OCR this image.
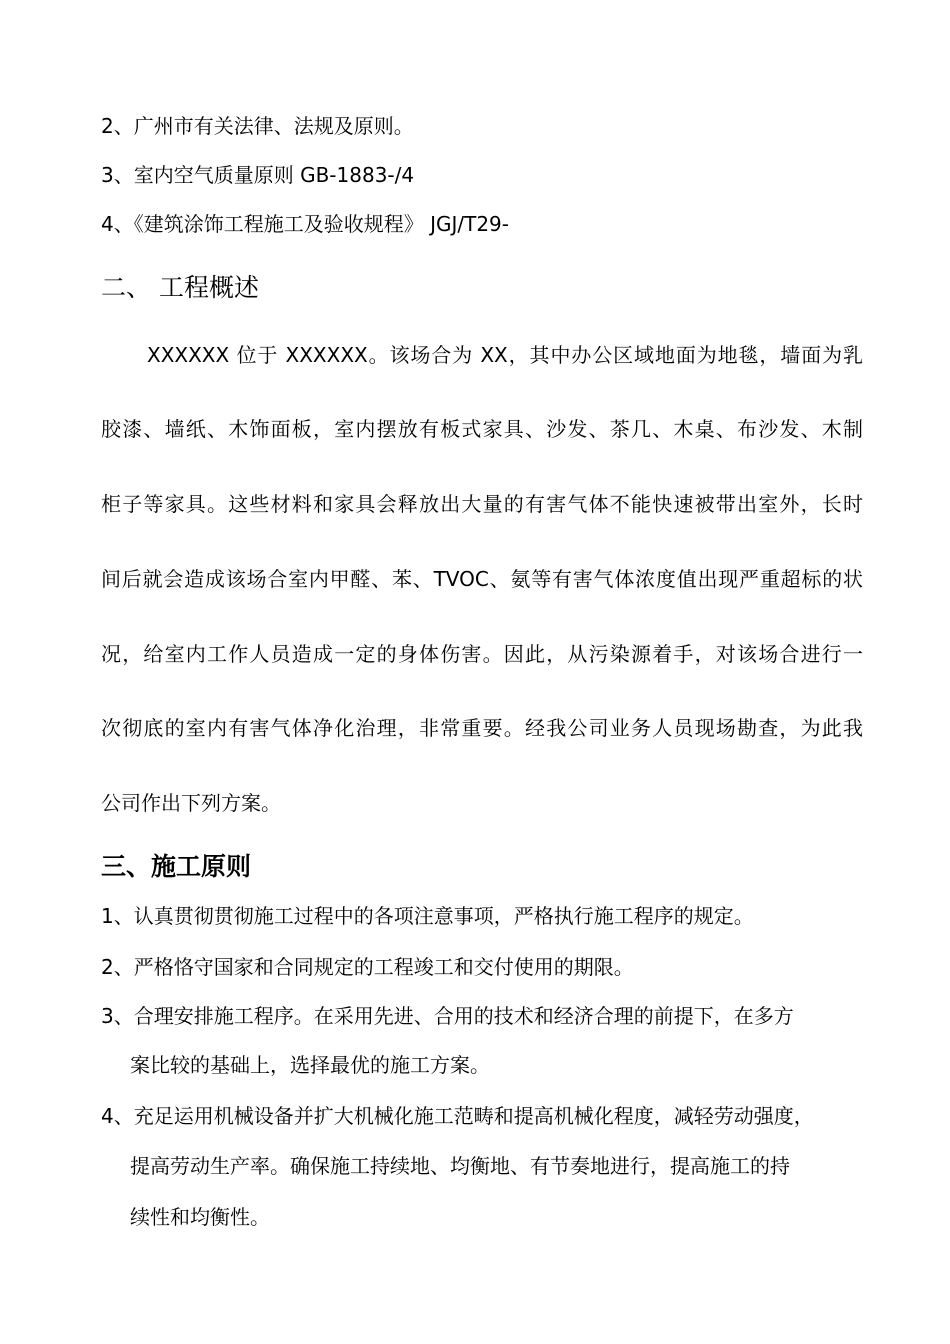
2、广州市有关法律、法规及原则。
3、室内空气质量原则 GB-1883-/4
4、《建筑涂饰工程施工及验收规程》 JGJ/T29-
二、 工程概述
XXXXXX 位于 XXXXXX。该场合为 XX，其中办公区域地面为地毯，墙面为乳
胶漆、墙纸、木饰面板，室内摆放有板式家具、沙发、茶几、木桌、布沙发、木制
柜子等家具。这些材料和家具会释放出大量的有害气体不能快速被带出室外，长时
间后就会造成该场合室内甲醛、苯、TVOC、氨等有害气体浓度值出现严重超标的状
况，给室内工作人员造成一定的身体伤害。因此，从污染源着手，对该场合进行一
次彻底的室内有害气体净化治理，非常重要。经我公司业务人员现场勘查，为此我
公司作出下列方案。
三、施工原则
1、认真贯彻贯彻施工过程中的各项注意事项，严格执行施工程序的规定。
2、严格恪守国家和合同规定的工程竣工和交付使用的期限。
3、合理安排施工程序。在采用先进、合用的技术和经济合理的前提下，在多方
案比较的基础上，选择最优的施工方案。
4、充足运用机械设备并扩大机械化施工范畴和提高机械化程度，减轻劳动强度，
提高劳动生产率。确保施工持续地、均衡地、有节奏地进行，提高施工的持
续性和均衡性。
